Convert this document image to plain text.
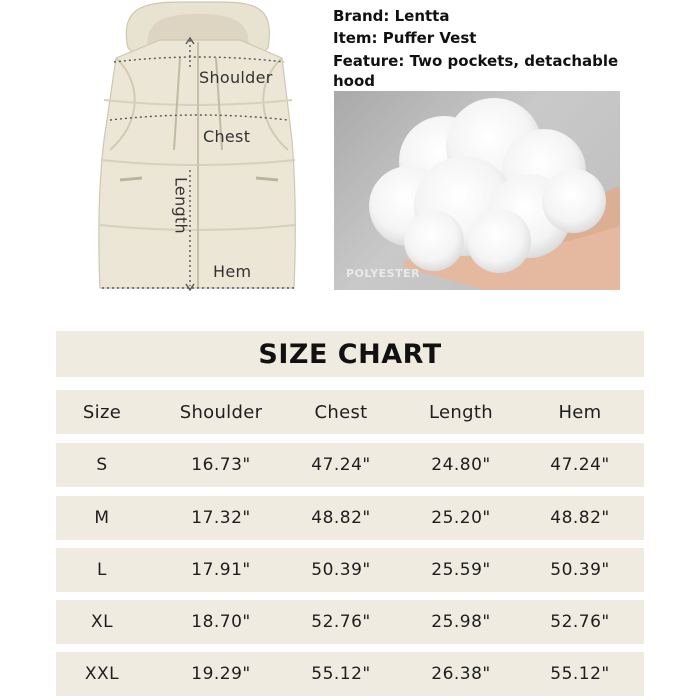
Shoulder
Chest
Length
Hem
Brand: Lentta
Item: Puffer Vest
Feature: Two pockets, detachable
hood
POLYESTER
SIZE CHART
Size	Shoulder	Chest	Length	Hem
S	16.73"	47.24"	24.80"	47.24"
M	17.32"	48.82"	25.20"	48.82"
L	17.91"	50.39"	25.59"	50.39"
XL	18.70"	52.76"	25.98"	52.76"
XXL	19.29"	55.12"	26.38"	55.12"
